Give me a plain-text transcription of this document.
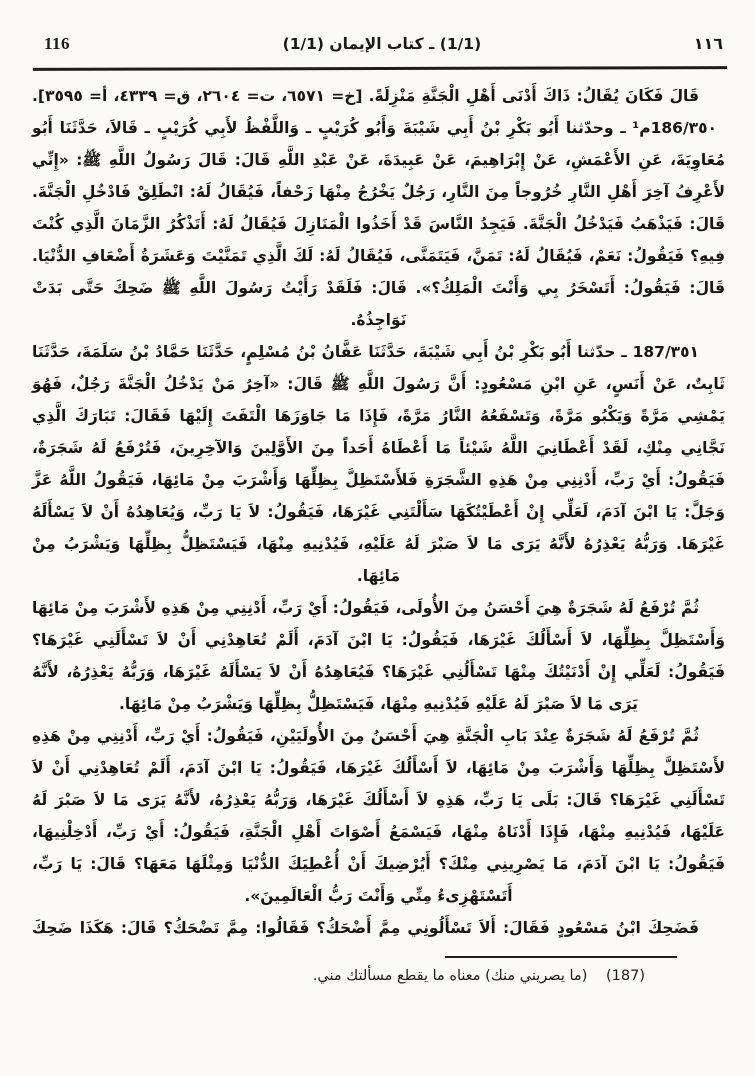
116	(1/1) ـ كتاب الإيمان (1/1)	١١٦

قَالَ فَكَانَ يُقَالُ: ذَاكَ أَدْنَى أَهْلِ الْجَنَّةِ مَنْزِلَةً. [خ= ٦٥٧١، ت= ٢٦٠٤، ق= ٤٣٣٩، أ= ٣٥٩٥].

٣٥٠/186م¹ ـ وحدّثنا أَبُو بَكْرِ بْنُ أَبِي شَيْبَةَ وَأَبُو كُرَيْبٍ ـ وَاللَّفْظُ لأَبِي كُرَيْبٍ ـ قَالاَ، حَدَّثَنَا أَبُو مُعَاوِيَةَ، عَنِ الأَعْمَشِ، عَنْ إِبْرَاهِيمَ، عَنْ عَبِيدَةَ، عَنْ عَبْدِ اللَّهِ قَالَ: قَالَ رَسُولُ اللَّهِ ﷺ: «إِنِّي لأَعْرِفُ آخِرَ أَهْلِ النَّارِ خُرُوجاً مِنَ النَّارِ، رَجُلٌ يَخْرُجُ مِنْهَا زَحْفاً، فَيُقَالُ لَهُ: انْطَلِقْ فَادْخُلِ الْجَنَّةَ. قَالَ: فَيَذْهَبُ فَيَدْخُلُ الْجَنَّةَ. فَيَجِدُ النَّاسَ قَدْ أَخَذُوا الْمَنَازِلَ فَيُقَالُ لَهُ: أَتَذْكُرُ الزَّمَانَ الَّذِي كُنْتَ فِيهِ؟ فَيَقُولُ: نَعَمْ، فَيُقَالُ لَهُ: تَمَنَّ، فَيَتَمَنَّى، فَيُقَالُ لَهُ: لَكَ الَّذِي تَمَنَّيْتَ وَعَشَرَةُ أَضْعَافِ الدُّنْيَا. قَالَ: فَيَقُولُ: أَتَسْخَرُ بِي وَأَنْتَ الْمَلِكُ؟». قَالَ: فَلَقَدْ رَأَيْتُ رَسُولَ اللَّهِ ﷺ ضَحِكَ حَتَّى بَدَتْ نَوَاجِذُهُ.

٣٥١/187 ـ حدّثنا أَبُو بَكْرِ بْنُ أَبِي شَيْبَةَ، حَدَّثَنَا عَفَّانُ بْنُ مُسْلِمٍ، حَدَّثَنَا حَمَّادُ بْنُ سَلَمَةَ، حَدَّثَنَا ثَابِتٌ، عَنْ أَنَسٍ، عَنِ ابْنِ مَسْعُودٍ: أَنَّ رَسُولَ اللَّهِ ﷺ قَالَ: «آخِرُ مَنْ يَدْخُلُ الْجَنَّةَ رَجُلٌ، فَهُوَ يَمْشِي مَرَّةً وَيَكْبُو مَرَّةً، وَتَسْفَعُهُ النَّارُ مَرَّةً، فَإِذَا مَا جَاوَزَهَا الْتَفَتَ إِلَيْهَا فَقَالَ: تَبَارَكَ الَّذِي نَجَّانِي مِنْكِ، لَقَدْ أَعْطَانِيَ اللَّهُ شَيْئاً مَا أَعْطَاهُ أَحَداً مِنَ الأَوَّلِينَ وَالآخِرِينَ، فَتُرْفَعُ لَهُ شَجَرَةٌ، فَيَقُولُ: أَيْ رَبِّ، أَدْنِنِي مِنْ هَذِهِ الشَّجَرَةِ فَلأَسْتَظِلَّ بِظِلِّهَا وَأَشْرَبَ مِنْ مَائِهَا، فَيَقُولُ اللَّهُ عَزَّ وَجَلَّ: يَا ابْنَ آدَمَ، لَعَلِّي إِنْ أَعْطَيْتُكَهَا سَأَلْتَنِي غَيْرَهَا، فَيَقُولُ: لاَ يَا رَبِّ، وَيُعَاهِدُهُ أَنْ لاَ يَسْأَلَهُ غَيْرَهَا. وَرَبُّهُ يَعْذِرُهُ لأَنَّهُ يَرَى مَا لاَ صَبْرَ لَهُ عَلَيْهِ، فَيُدْنِيهِ مِنْهَا، فَيَسْتَظِلُّ بِظِلِّهَا وَيَشْرَبُ مِنْ مَائِهَا.

ثُمَّ تُرْفَعُ لَهُ شَجَرَةٌ هِيَ أَحْسَنُ مِنَ الأُولَى، فَيَقُولُ: أَيْ رَبِّ، أَدْنِنِي مِنْ هَذِهِ لأَشْرَبَ مِنْ مَائِهَا وَأَسْتَظِلَّ بِظِلِّهَا، لاَ أَسْأَلُكَ غَيْرَهَا، فَيَقُولُ: يَا ابْنَ آدَمَ، أَلَمْ تُعَاهِدْنِي أَنْ لاَ تَسْأَلَنِي غَيْرَهَا؟ فَيَقُولُ: لَعَلِّي إِنْ أَدْنَيْتُكَ مِنْهَا تَسْأَلُنِي غَيْرَهَا؟ فَيُعَاهِدُهُ أَنْ لاَ يَسْأَلَهُ غَيْرَهَا، وَرَبُّهُ يَعْذِرُهُ، لأَنَّهُ يَرَى مَا لاَ صَبْرَ لَهُ عَلَيْهِ فَيُدْنِيهِ مِنْهَا، فَيَسْتَظِلُّ بِظِلِّهَا وَيَشْرَبُ مِنْ مَائِهَا.

ثُمَّ تُرْفَعُ لَهُ شَجَرَةٌ عِنْدَ بَابِ الْجَنَّةِ هِيَ أَحْسَنُ مِنَ الأُولَيَيْنِ، فَيَقُولُ: أَيْ رَبِّ، أَدْنِنِي مِنْ هَذِهِ لأَسْتَظِلَّ بِظِلِّهَا وَأَشْرَبَ مِنْ مَائِهَا، لاَ أَسْأَلُكَ غَيْرَهَا، فَيَقُولُ: يَا ابْنَ آدَمَ، أَلَمْ تُعَاهِدْنِي أَنْ لاَ تَسْأَلَنِي غَيْرَهَا؟ قَالَ: بَلَى يَا رَبِّ، هَذِهِ لاَ أَسْأَلُكَ غَيْرَهَا، وَرَبُّهُ يَعْذِرُهُ، لأَنَّهُ يَرَى مَا لاَ صَبْرَ لَهُ عَلَيْهَا، فَيُدْنِيهِ مِنْهَا، فَإِذَا أَدْنَاهُ مِنْهَا، فَيَسْمَعُ أَصْوَاتَ أَهْلِ الْجَنَّةِ، فَيَقُولُ: أَيْ رَبِّ، أَدْخِلْنِيهَا، فَيَقُولُ: يَا ابْنَ آدَمَ، مَا يَصْرِينِي مِنْكَ؟ أَيُرْضِيكَ أَنْ أُعْطِيَكَ الدُّنْيَا وَمِثْلَهَا مَعَهَا؟ قَالَ: يَا رَبِّ، أَتَسْتَهْزِىءُ مِنِّي وَأَنْتَ رَبُّ الْعَالَمِينَ».

فَضَحِكَ ابْنُ مَسْعُودٍ فَقَالَ: أَلاَ تَسْأَلُونِي مِمَّ أَضْحَكُ؟ فَقَالُوا: مِمَّ تَضْحَكُ؟ قَالَ: هَكَذَا ضَحِكَ

(187) (ما يصريني منك) معناه ما يقطع مسألتك مني.
